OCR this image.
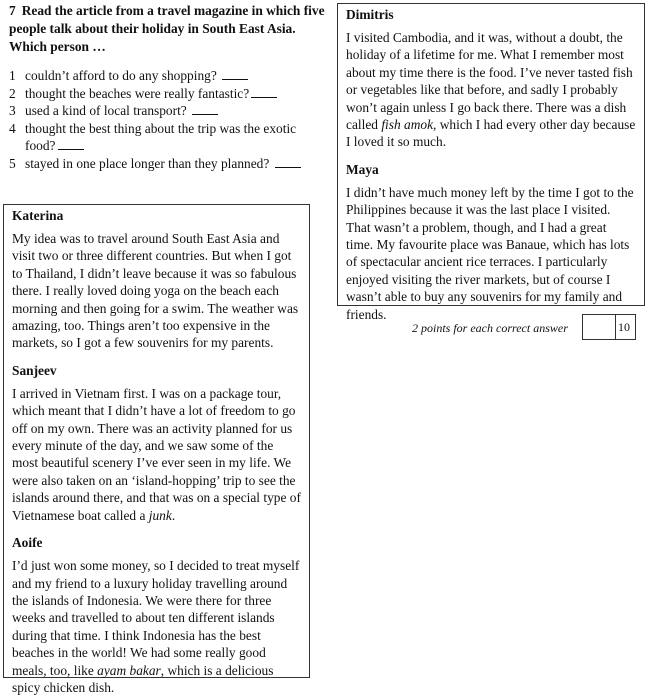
7 Read the article from a travel magazine in which five people talk about their holiday in South East Asia. Which person …
1 couldn’t afford to do any shopping?
2 thought the beaches were really fantastic?
3 used a kind of local transport?
4 thought the best thing about the trip was the exotic food?
5 stayed in one place longer than they planned?
Katerina
My idea was to travel around South East Asia and visit two or three different countries. But when I got to Thailand, I didn’t leave because it was so fabulous there. I really loved doing yoga on the beach each morning and then going for a swim. The weather was amazing, too. Things aren’t too expensive in the markets, so I got a few souvenirs for my parents.
Sanjeev
I arrived in Vietnam first. I was on a package tour, which meant that I didn’t have a lot of freedom to go off on my own. There was an activity planned for us every minute of the day, and we saw some of the most beautiful scenery I’ve ever seen in my life. We were also taken on an ‘island-hopping’ trip to see the islands around there, and that was on a special type of Vietnamese boat called a junk.
Aoife
I’d just won some money, so I decided to treat myself and my friend to a luxury holiday travelling around the islands of Indonesia. We were there for three weeks and travelled to about ten different islands during that time. I think Indonesia has the best beaches in the world! We had some really good meals, too, like ayam bakar, which is a delicious spicy chicken dish.
Dimitris
I visited Cambodia, and it was, without a doubt, the holiday of a lifetime for me. What I remember most about my time there is the food. I’ve never tasted fish or vegetables like that before, and sadly I probably won’t again unless I go back there. There was a dish called fish amok, which I had every other day because I loved it so much.
Maya
I didn’t have much money left by the time I got to the Philippines because it was the last place I visited. That wasn’t a problem, though, and I had a great time. My favourite place was Banaue, which has lots of spectacular ancient rice terraces. I particularly enjoyed visiting the river markets, but of course I wasn’t able to buy any souvenirs for my family and friends.
2 points for each correct answer	10
